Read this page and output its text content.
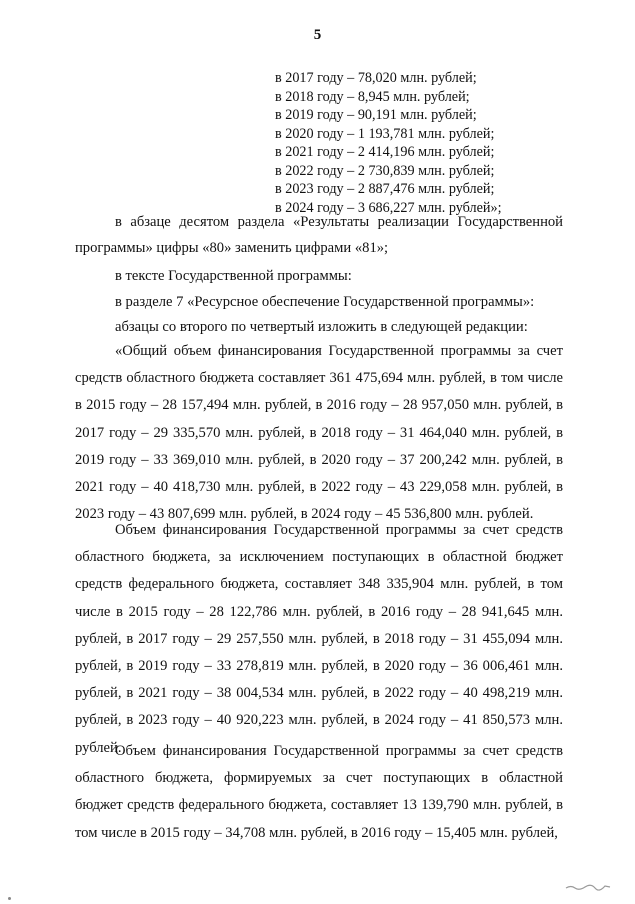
5
в 2017 году – 78,020 млн. рублей;
в 2018 году – 8,945 млн. рублей;
в 2019 году – 90,191 млн. рублей;
в 2020 году – 1 193,781 млн. рублей;
в 2021 году – 2 414,196 млн. рублей;
в 2022 году – 2 730,839 млн. рублей;
в 2023 году – 2 887,476 млн. рублей;
в 2024 году – 3 686,227 млн. рублей»;
в абзаце десятом раздела «Результаты реализации Государственной программы» цифры «80» заменить цифрами «81»;
в тексте Государственной программы:
в разделе 7 «Ресурсное обеспечение Государственной программы»:
абзацы со второго по четвертый изложить в следующей редакции:
«Общий объем финансирования Государственной программы за счет средств областного бюджета составляет 361 475,694 млн. рублей, в том числе в 2015 году – 28 157,494 млн. рублей, в 2016 году – 28 957,050 млн. рублей, в 2017 году – 29 335,570 млн. рублей, в 2018 году – 31 464,040 млн. рублей, в 2019 году – 33 369,010 млн. рублей, в 2020 году – 37 200,242 млн. рублей, в 2021 году – 40 418,730 млн. рублей, в 2022 году – 43 229,058 млн. рублей, в 2023 году – 43 807,699 млн. рублей, в 2024 году – 45 536,800 млн. рублей.
Объем финансирования Государственной программы за счет средств областного бюджета, за исключением поступающих в областной бюджет средств федерального бюджета, составляет 348 335,904 млн. рублей, в том числе в 2015 году – 28 122,786 млн. рублей, в 2016 году – 28 941,645 млн. рублей, в 2017 году – 29 257,550 млн. рублей, в 2018 году – 31 455,094 млн. рублей, в 2019 году – 33 278,819 млн. рублей, в 2020 году – 36 006,461 млн. рублей, в 2021 году – 38 004,534 млн. рублей, в 2022 году – 40 498,219 млн. рублей, в 2023 году – 40 920,223 млн. рублей, в 2024 году – 41 850,573 млн. рублей.
Объем финансирования Государственной программы за счет средств областного бюджета, формируемых за счет поступающих в областной бюджет средств федерального бюджета, составляет 13 139,790 млн. рублей, в том числе в 2015 году – 34,708 млн. рублей, в 2016 году – 15,405 млн. рублей,
